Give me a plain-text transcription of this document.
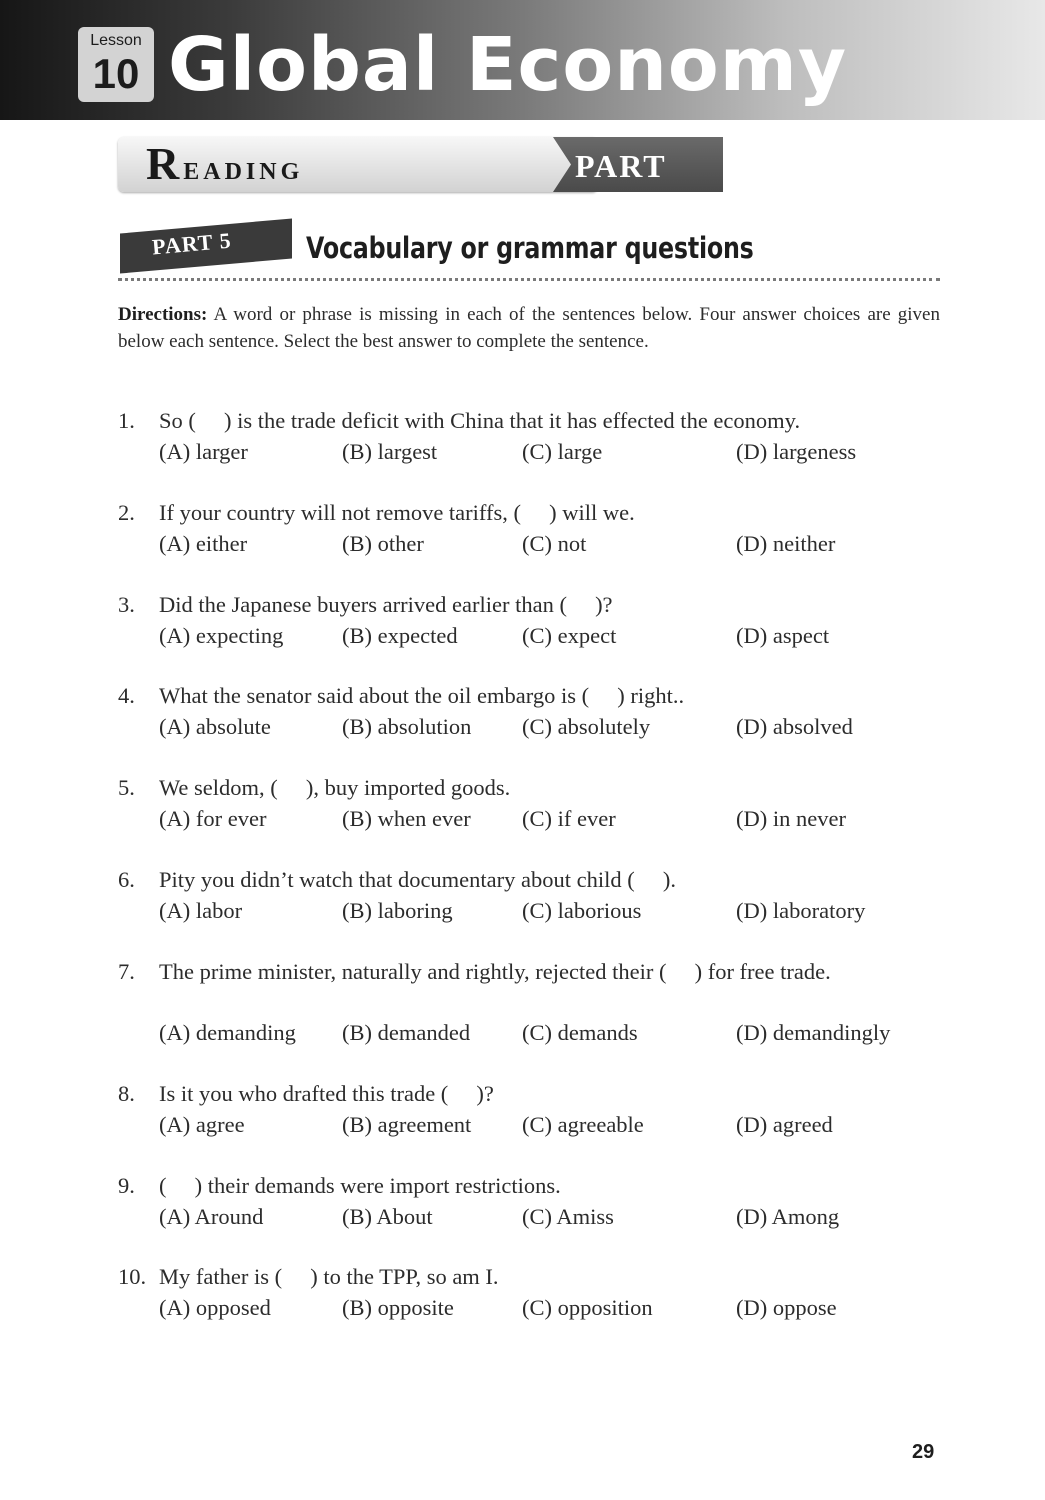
Lesson
10 Global Economy
Reading	PART
PART 5	Vocabulary or grammar questions
Directions: A word or phrase is missing in each of the sentences below. Four answer choices are given below each sentence. Select the best answer to complete the sentence.
1. So (  ) is the trade deficit with China that it has effected the economy.
(A) larger	(B) largest	(C) large	(D) largeness
2. If your country will not remove tariffs, (  ) will we.
(A) either	(B) other	(C) not	(D) neither
3. Did the Japanese buyers arrived earlier than (  )?
(A) expecting	(B) expected	(C) expect	(D) aspect
4. What the senator said about the oil embargo is (  ) right..
(A) absolute	(B) absolution (C) absolutely	(D) absolved
5. We seldom, (  ), buy imported goods.
(A) for ever	(B) when ever (C) if ever	(D) in never
6. Pity you didn’t watch that documentary about child (  ).
(A) labor	(B) laboring	(C) laborious	(D) laboratory
7. The prime minister, naturally and rightly, rejected their (  ) for free trade.
(A) demanding (B) demanded (C) demands	(D) demandingly
8. Is it you who drafted this trade (  )?
(A) agree	(B) agreement (C) agreeable	(D) agreed
9. (  ) their demands were import restrictions.
(A) Around	(B) About	(C) Amiss	(D) Among
10. My father is (  ) to the TPP, so am I.
(A) opposed	(B) opposite	(C) opposition	(D) oppose
29
